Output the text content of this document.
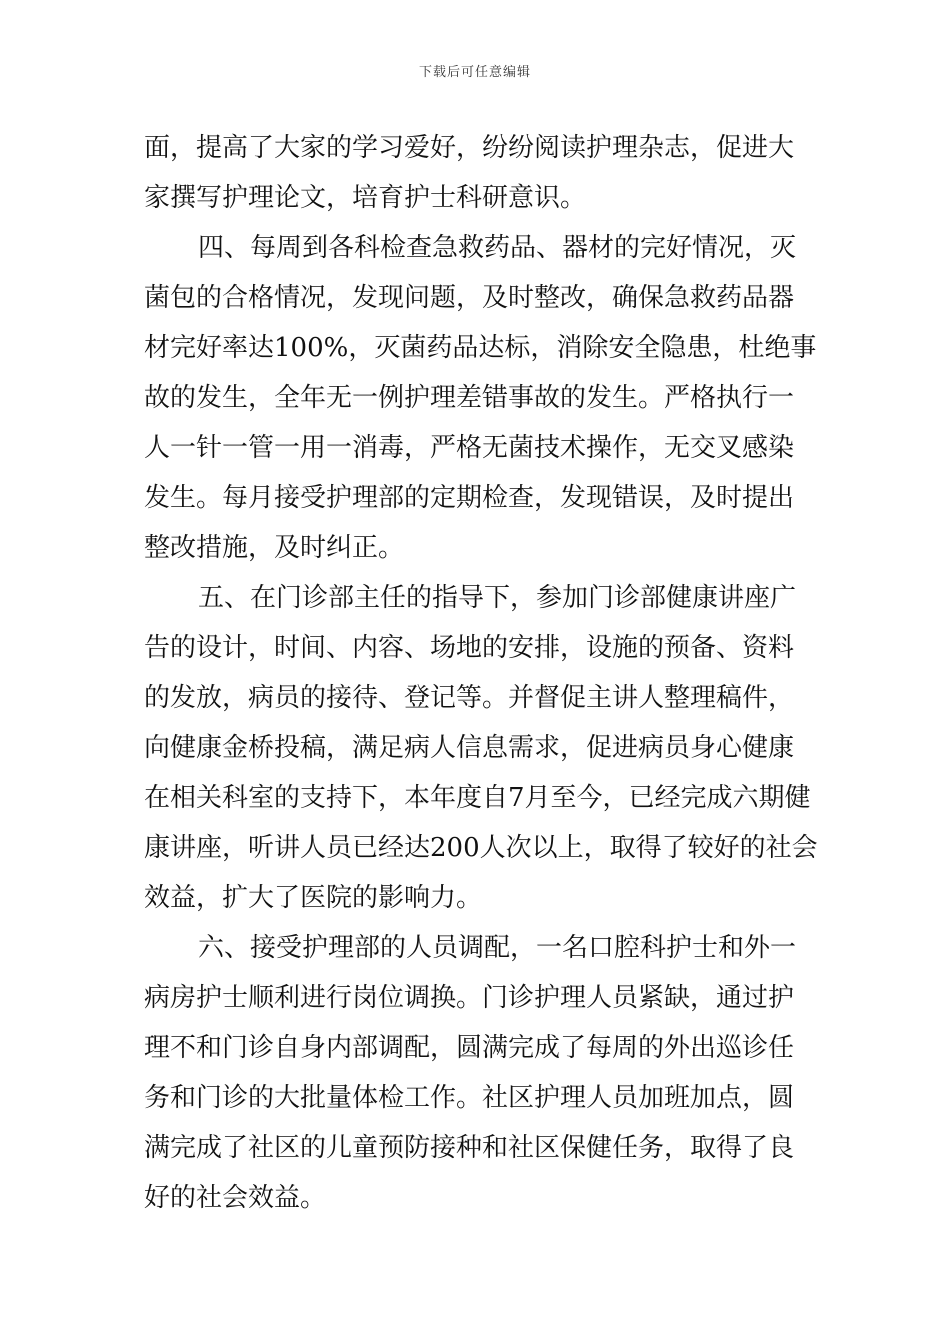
下载后可任意编辑
面，提高了大家的学习爱好，纷纷阅读护理杂志，促进大
家撰写护理论文，培育护士科研意识。
四、每周到各科检查急救药品、器材的完好情况，灭
菌包的合格情况，发现问题，及时整改，确保急救药品器
材完好率达100%，灭菌药品达标，消除安全隐患，杜绝事
故的发生，全年无一例护理差错事故的发生。严格执行一
人一针一管一用一消毒，严格无菌技术操作，无交叉感染
发生。每月接受护理部的定期检查，发现错误，及时提出
整改措施，及时纠正。
五、在门诊部主任的指导下，参加门诊部健康讲座广
告的设计，时间、内容、场地的安排，设施的预备、资料
的发放，病员的接待、登记等。并督促主讲人整理稿件，
向健康金桥投稿，满足病人信息需求，促进病员身心健康
在相关科室的支持下，本年度自7月至今，已经完成六期健
康讲座，听讲人员已经达200人次以上，取得了较好的社会
效益，扩大了医院的影响力。
六、接受护理部的人员调配，一名口腔科护士和外一
病房护士顺利进行岗位调换。门诊护理人员紧缺，通过护
理不和门诊自身内部调配，圆满完成了每周的外出巡诊任
务和门诊的大批量体检工作。社区护理人员加班加点，圆
满完成了社区的儿童预防接种和社区保健任务，取得了良
好的社会效益。
